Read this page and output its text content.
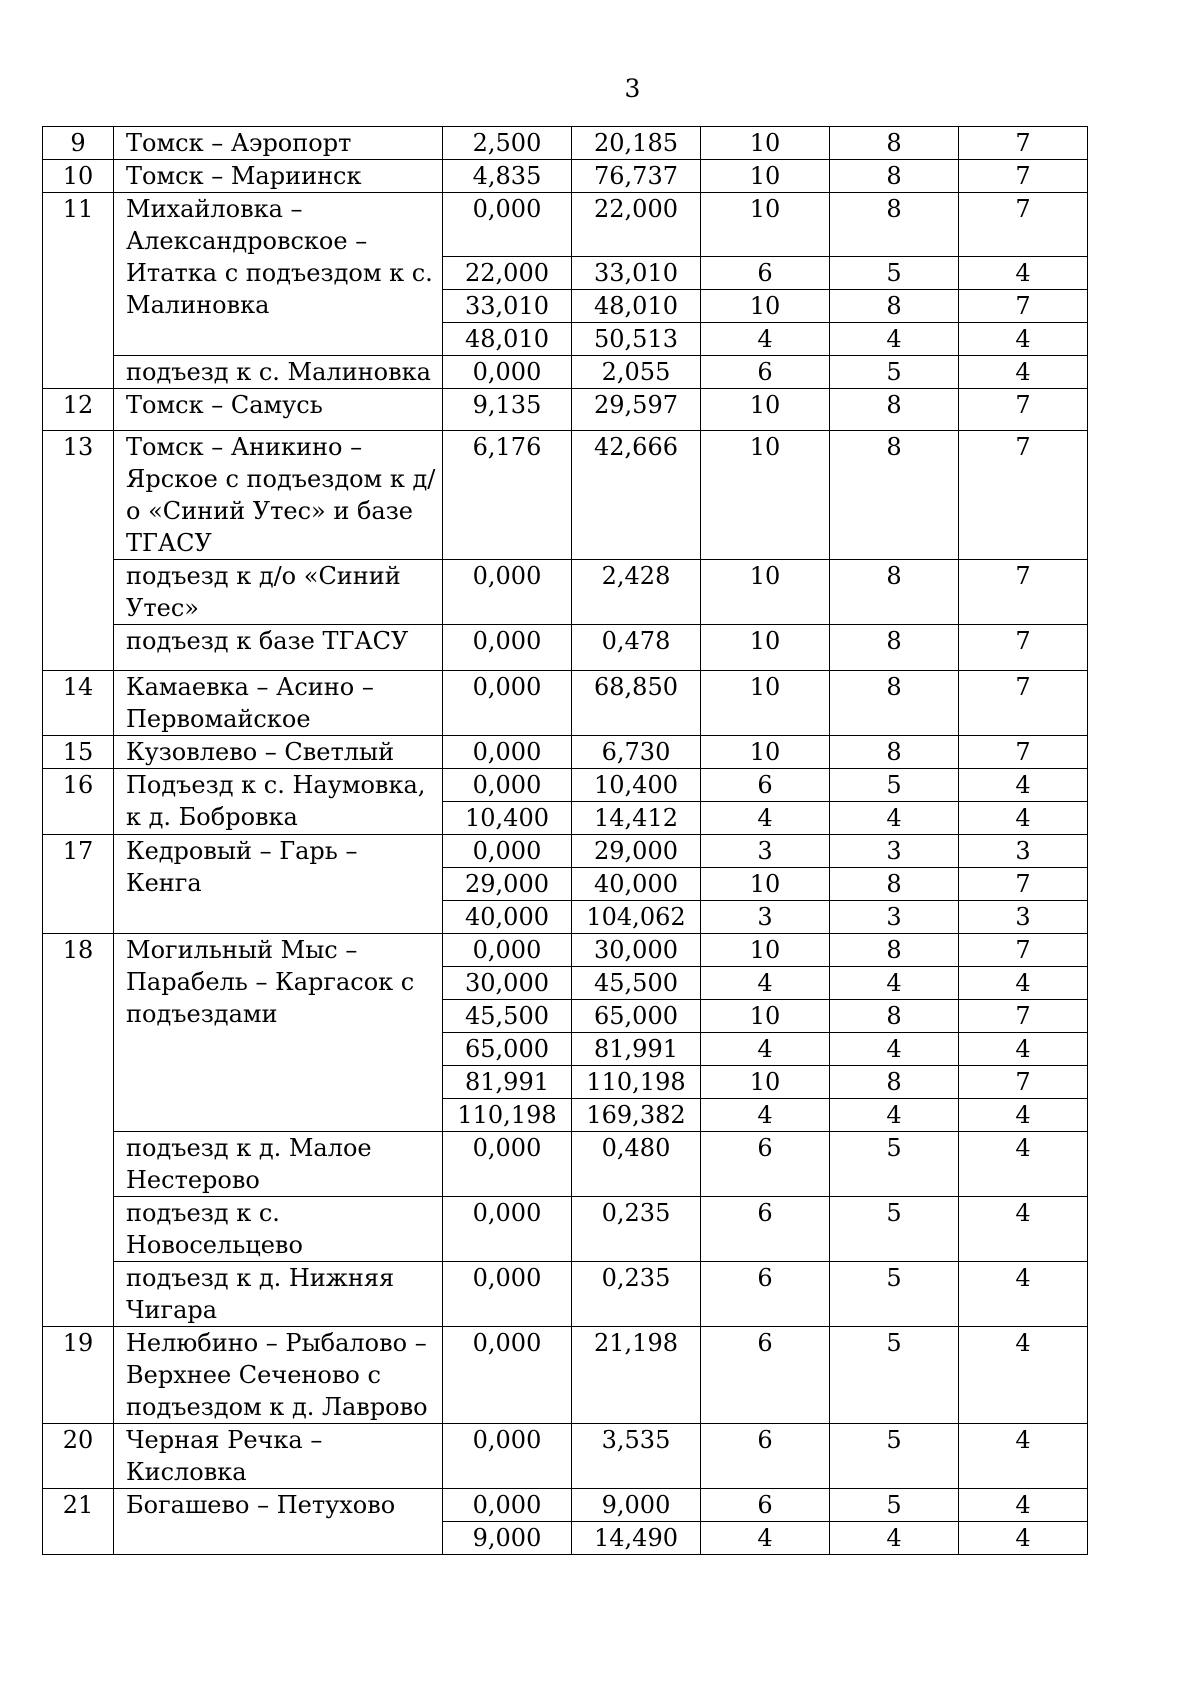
3
9	Томск – Аэропорт	2,500	20,185	10	8	7
10	Томск – Мариинск	4,835	76,737	10	8	7
11	Михайловка – Александровское – Итатка с подъездом к с. Малиновка	0,000	22,000	10	8	7
		22,000	33,010	6	5	4
		33,010	48,010	10	8	7
		48,010	50,513	4	4	4
	подъезд к с. Малиновка	0,000	2,055	6	5	4
12	Томск – Самусь	9,135	29,597	10	8	7
13	Томск – Аникино – Ярское с подъездом к д/о «Синий Утес» и базе ТГАСУ	6,176	42,666	10	8	7
	подъезд к д/о «Синий Утес»	0,000	2,428	10	8	7
	подъезд к базе ТГАСУ	0,000	0,478	10	8	7
14	Камаевка – Асино – Первомайское	0,000	68,850	10	8	7
15	Кузовлево – Светлый	0,000	6,730	10	8	7
16	Подъезд к с. Наумовка, к д. Бобровка	0,000	10,400	6	5	4
		10,400	14,412	4	4	4
17	Кедровый – Гарь – Кенга	0,000	29,000	3	3	3
		29,000	40,000	10	8	7
		40,000	104,062	3	3	3
18	Могильный Мыс – Парабель – Каргасок с подъездами	0,000	30,000	10	8	7
		30,000	45,500	4	4	4
		45,500	65,000	10	8	7
		65,000	81,991	4	4	4
		81,991	110,198	10	8	7
		110,198	169,382	4	4	4
	подъезд к д. Малое Нестерово	0,000	0,480	6	5	4
	подъезд к с. Новосельцево	0,000	0,235	6	5	4
	подъезд к д. Нижняя Чигара	0,000	0,235	6	5	4
19	Нелюбино – Рыбалово – Верхнее Сеченово с подъездом к д. Лаврово	0,000	21,198	6	5	4
20	Черная Речка – Кисловка	0,000	3,535	6	5	4
21	Богашево – Петухово	0,000	9,000	6	5	4
		9,000	14,490	4	4	4
